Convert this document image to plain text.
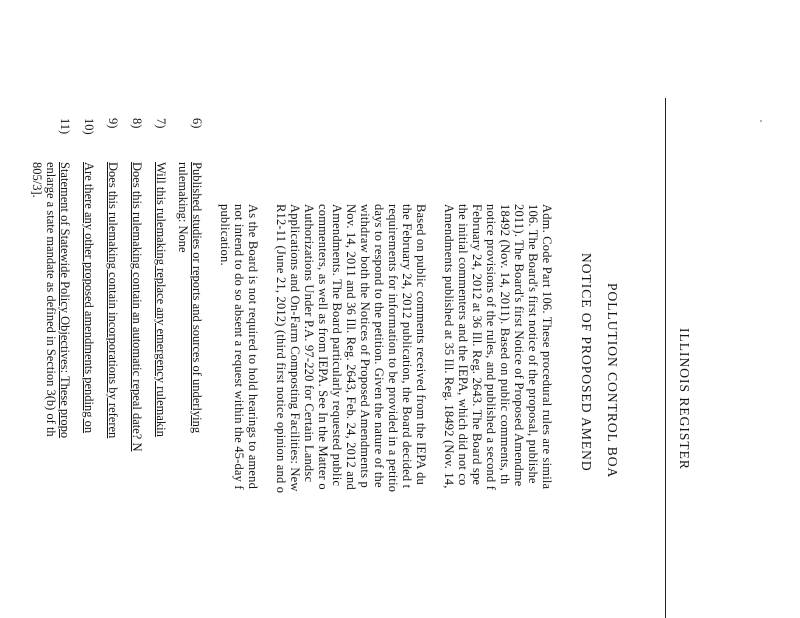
ILLINOIS REGISTER
POLLUTION CONTROL BOA
NOTICE OF PROPOSED AMEND
Adm. Code Part 106. These procedural rules are simila
106. The Board's first notice of the proposal, publishe
2011). The Board's first Notice of Proposed Amendme
18492 (Nov. 14, 2011). Based on public comments, th
notice provisions of the rules, and published a second f
February 24, 2012 at 36 Ill. Reg. 2643. The Board spe
the initial commenters and the IEPA, which did not co
Amendments published at 35 Ill. Reg. 18492 (Nov. 14,
Based on public comments received from the IEPA du
the February 24, 2012 publication, the Board decided t
requirements for information to be provided in a petitio
days to respond to the petition. Given the nature of the
withdraw both the Notices of Proposed Amendments p
Nov. 14, 2011 and 36 Ill. Reg. 2643, Feb. 24, 2012 and
Amendments. The Board particularly requested public
commenters, as well as from IEPA. See In the Matter o
Authorizations Under P.A. 97-220 for Certain Landsc
Applications and On-Farm Composting Facilities: New
R12-11 (June 21, 2012) (third first notice opinion and o
As the Board is not required to hold hearings to amend
not intend to do so absent a request within the 45-day f
publication.
6)
Published studies or reports and sources of underlying
rulemaking: None
7)
Will this rulemaking replace any emergency rulemakin
8)
Does this rulemaking contain an automatic repeal date? N
9)
Does this rulemaking contain incorporations by referen
10)
Are there any other proposed amendments pending on
11)
Statement of Statewide Policy Objectives: These propo
enlarge a state mandate as defined in Section 3(b) of th
805/3].
